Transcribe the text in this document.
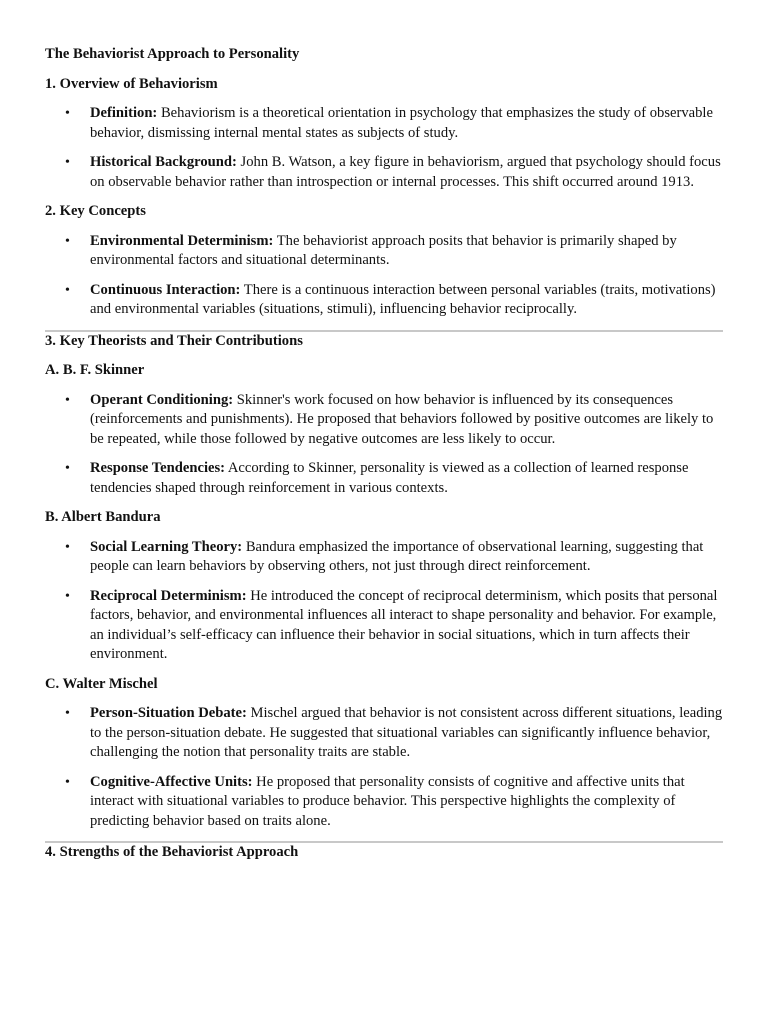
The Behaviorist Approach to Personality
1. Overview of Behaviorism
• Definition: Behaviorism is a theoretical orientation in psychology that emphasizes the study of observable behavior, dismissing internal mental states as subjects of study.
• Historical Background: John B. Watson, a key figure in behaviorism, argued that psychology should focus on observable behavior rather than introspection or internal processes. This shift occurred around 1913.
2. Key Concepts
• Environmental Determinism: The behaviorist approach posits that behavior is primarily shaped by environmental factors and situational determinants.
• Continuous Interaction: There is a continuous interaction between personal variables (traits, motivations) and environmental variables (situations, stimuli), influencing behavior reciprocally.
3. Key Theorists and Their Contributions
A. B. F. Skinner
• Operant Conditioning: Skinner's work focused on how behavior is influenced by its consequences (reinforcements and punishments). He proposed that behaviors followed by positive outcomes are likely to be repeated, while those followed by negative outcomes are less likely to occur.
• Response Tendencies: According to Skinner, personality is viewed as a collection of learned response tendencies shaped through reinforcement in various contexts.
B. Albert Bandura
• Social Learning Theory: Bandura emphasized the importance of observational learning, suggesting that people can learn behaviors by observing others, not just through direct reinforcement.
• Reciprocal Determinism: He introduced the concept of reciprocal determinism, which posits that personal factors, behavior, and environmental influences all interact to shape personality and behavior. For example, an individual’s self-efficacy can influence their behavior in social situations, which in turn affects their environment.
C. Walter Mischel
• Person-Situation Debate: Mischel argued that behavior is not consistent across different situations, leading to the person-situation debate. He suggested that situational variables can significantly influence behavior, challenging the notion that personality traits are stable.
• Cognitive-Affective Units: He proposed that personality consists of cognitive and affective units that interact with situational variables to produce behavior. This perspective highlights the complexity of predicting behavior based on traits alone.
4. Strengths of the Behaviorist Approach
